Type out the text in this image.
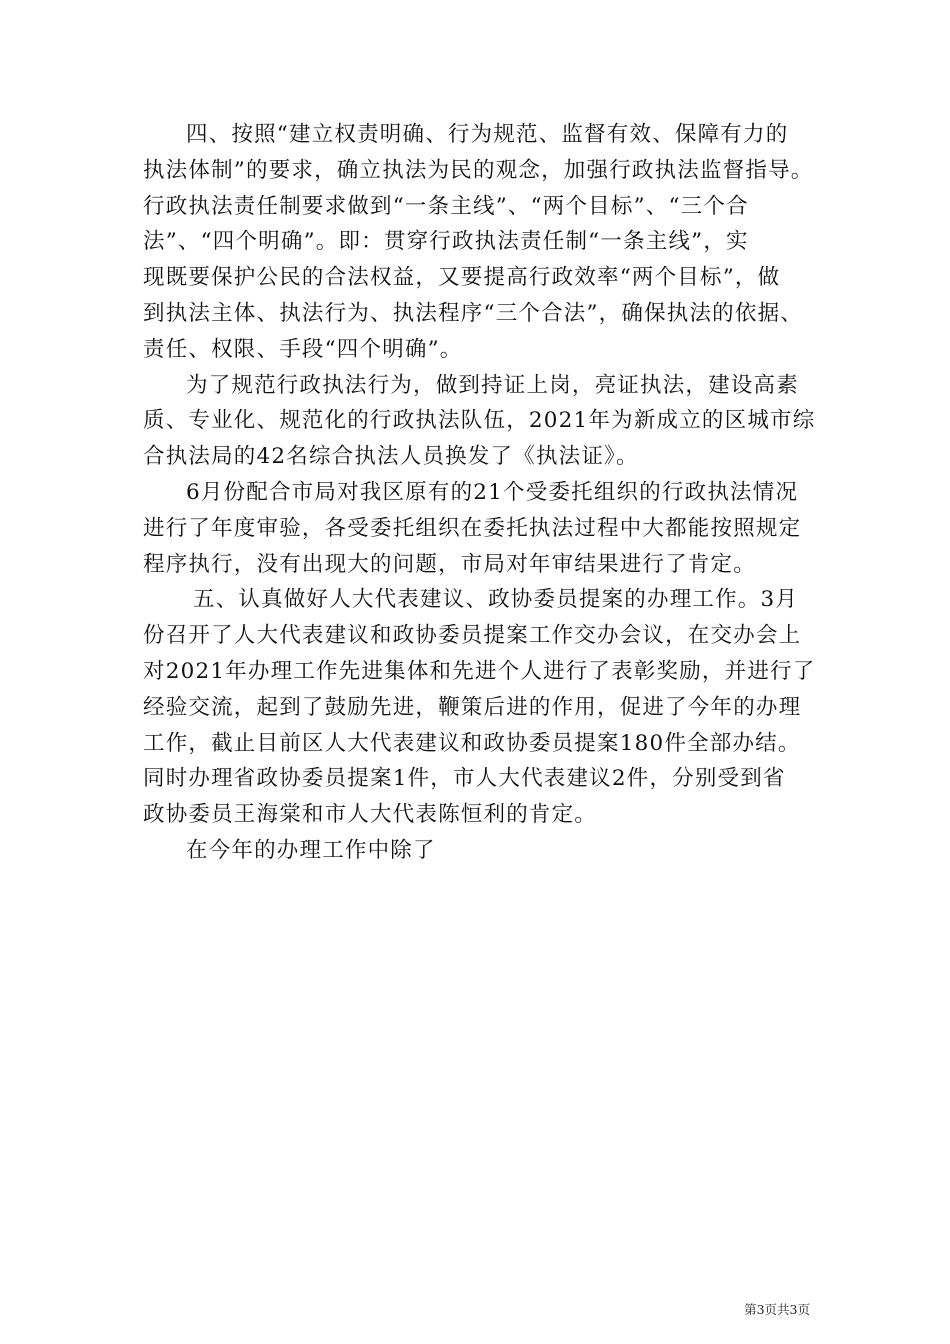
四、按照“建立权责明确、行为规范、监督有效、保障有力的
执法体制”的要求，确立执法为民的观念，加强行政执法监督指导。
行政执法责任制要求做到“一条主线”、“两个目标”、“三个合
法”、“四个明确”。即：贯穿行政执法责任制“一条主线”，实
现既要保护公民的合法权益，又要提高行政效率“两个目标”，做
到执法主体、执法行为、执法程序“三个合法”，确保执法的依据、
责任、权限、手段“四个明确”。

为了规范行政执法行为，做到持证上岗，亮证执法，建设高素
质、专业化、规范化的行政执法队伍，2021年为新成立的区城市综
合执法局的42名综合执法人员换发了《执法证》。

6月份配合市局对我区原有的21个受委托组织的行政执法情况
进行了年度审验，各受委托组织在委托执法过程中大都能按照规定
程序执行，没有出现大的问题，市局对年审结果进行了肯定。

五、认真做好人大代表建议、政协委员提案的办理工作。3月
份召开了人大代表建议和政协委员提案工作交办会议，在交办会上
对2021年办理工作先进集体和先进个人进行了表彰奖励，并进行了
经验交流，起到了鼓励先进，鞭策后进的作用，促进了今年的办理
工作，截止目前区人大代表建议和政协委员提案180件全部办结。
同时办理省政协委员提案1件，市人大代表建议2件，分别受到省
政协委员王海棠和市人大代表陈恒利的肯定。

在今年的办理工作中除了

第3页共3页
